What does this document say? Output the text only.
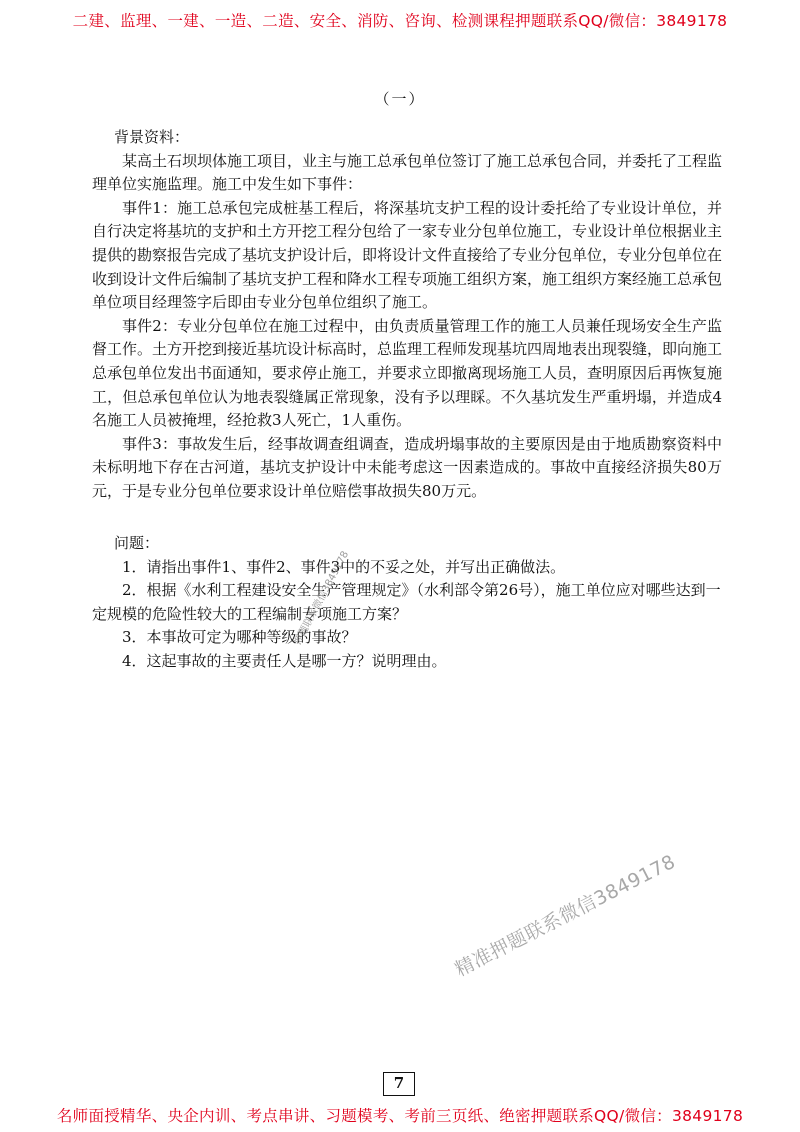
二建、监理、一建、一造、二造、安全、消防、咨询、检测课程押题联系QQ/微信：3849178
（一）

背景资料：

某高土石坝坝体施工项目，业主与施工总承包单位签订了施工总承包合同，并委托了工程监理单位实施监理。施工中发生如下事件：

事件1：施工总承包完成桩基工程后，将深基坑支护工程的设计委托给了专业设计单位，并自行决定将基坑的支护和土方开挖工程分包给了一家专业分包单位施工，专业设计单位根据业主提供的勘察报告完成了基坑支护设计后，即将设计文件直接给了专业分包单位，专业分包单位在收到设计文件后编制了基坑支护工程和降水工程专项施工组织方案，施工组织方案经施工总承包单位项目经理签字后即由专业分包单位组织了施工。

事件2：专业分包单位在施工过程中，由负责质量管理工作的施工人员兼任现场安全生产监督工作。土方开挖到接近基坑设计标高时，总监理工程师发现基坑四周地表出现裂缝，即向施工总承包单位发出书面通知，要求停止施工，并要求立即撤离现场施工人员，查明原因后再恢复施工，但总承包单位认为地表裂缝属正常现象，没有予以理睬。不久基坑发生严重坍塌，并造成4名施工人员被掩埋，经抢救3人死亡，1人重伤。

事件3：事故发生后，经事故调查组调查，造成坍塌事故的主要原因是由于地质勘察资料中未标明地下存在古河道，基坑支护设计中未能考虑这一因素造成的。事故中直接经济损失80万元，于是专业分包单位要求设计单位赔偿事故损失80万元。

问题：

1．请指出事件1、事件2、事件3中的不妥之处，并写出正确做法。

2．根据《水利工程建设安全生产管理规定》（水利部令第26号），施工单位应对哪些达到一定规模的危险性较大的工程编制专项施工方案？

3．本事故可定为哪种等级的事故？

4．这起事故的主要责任人是哪一方？说明理由。

押题联系微信3849178
精准押题联系微信3849178
7
名师面授精华、央企内训、考点串讲、习题模考、考前三页纸、绝密押题联系QQ/微信：3849178
